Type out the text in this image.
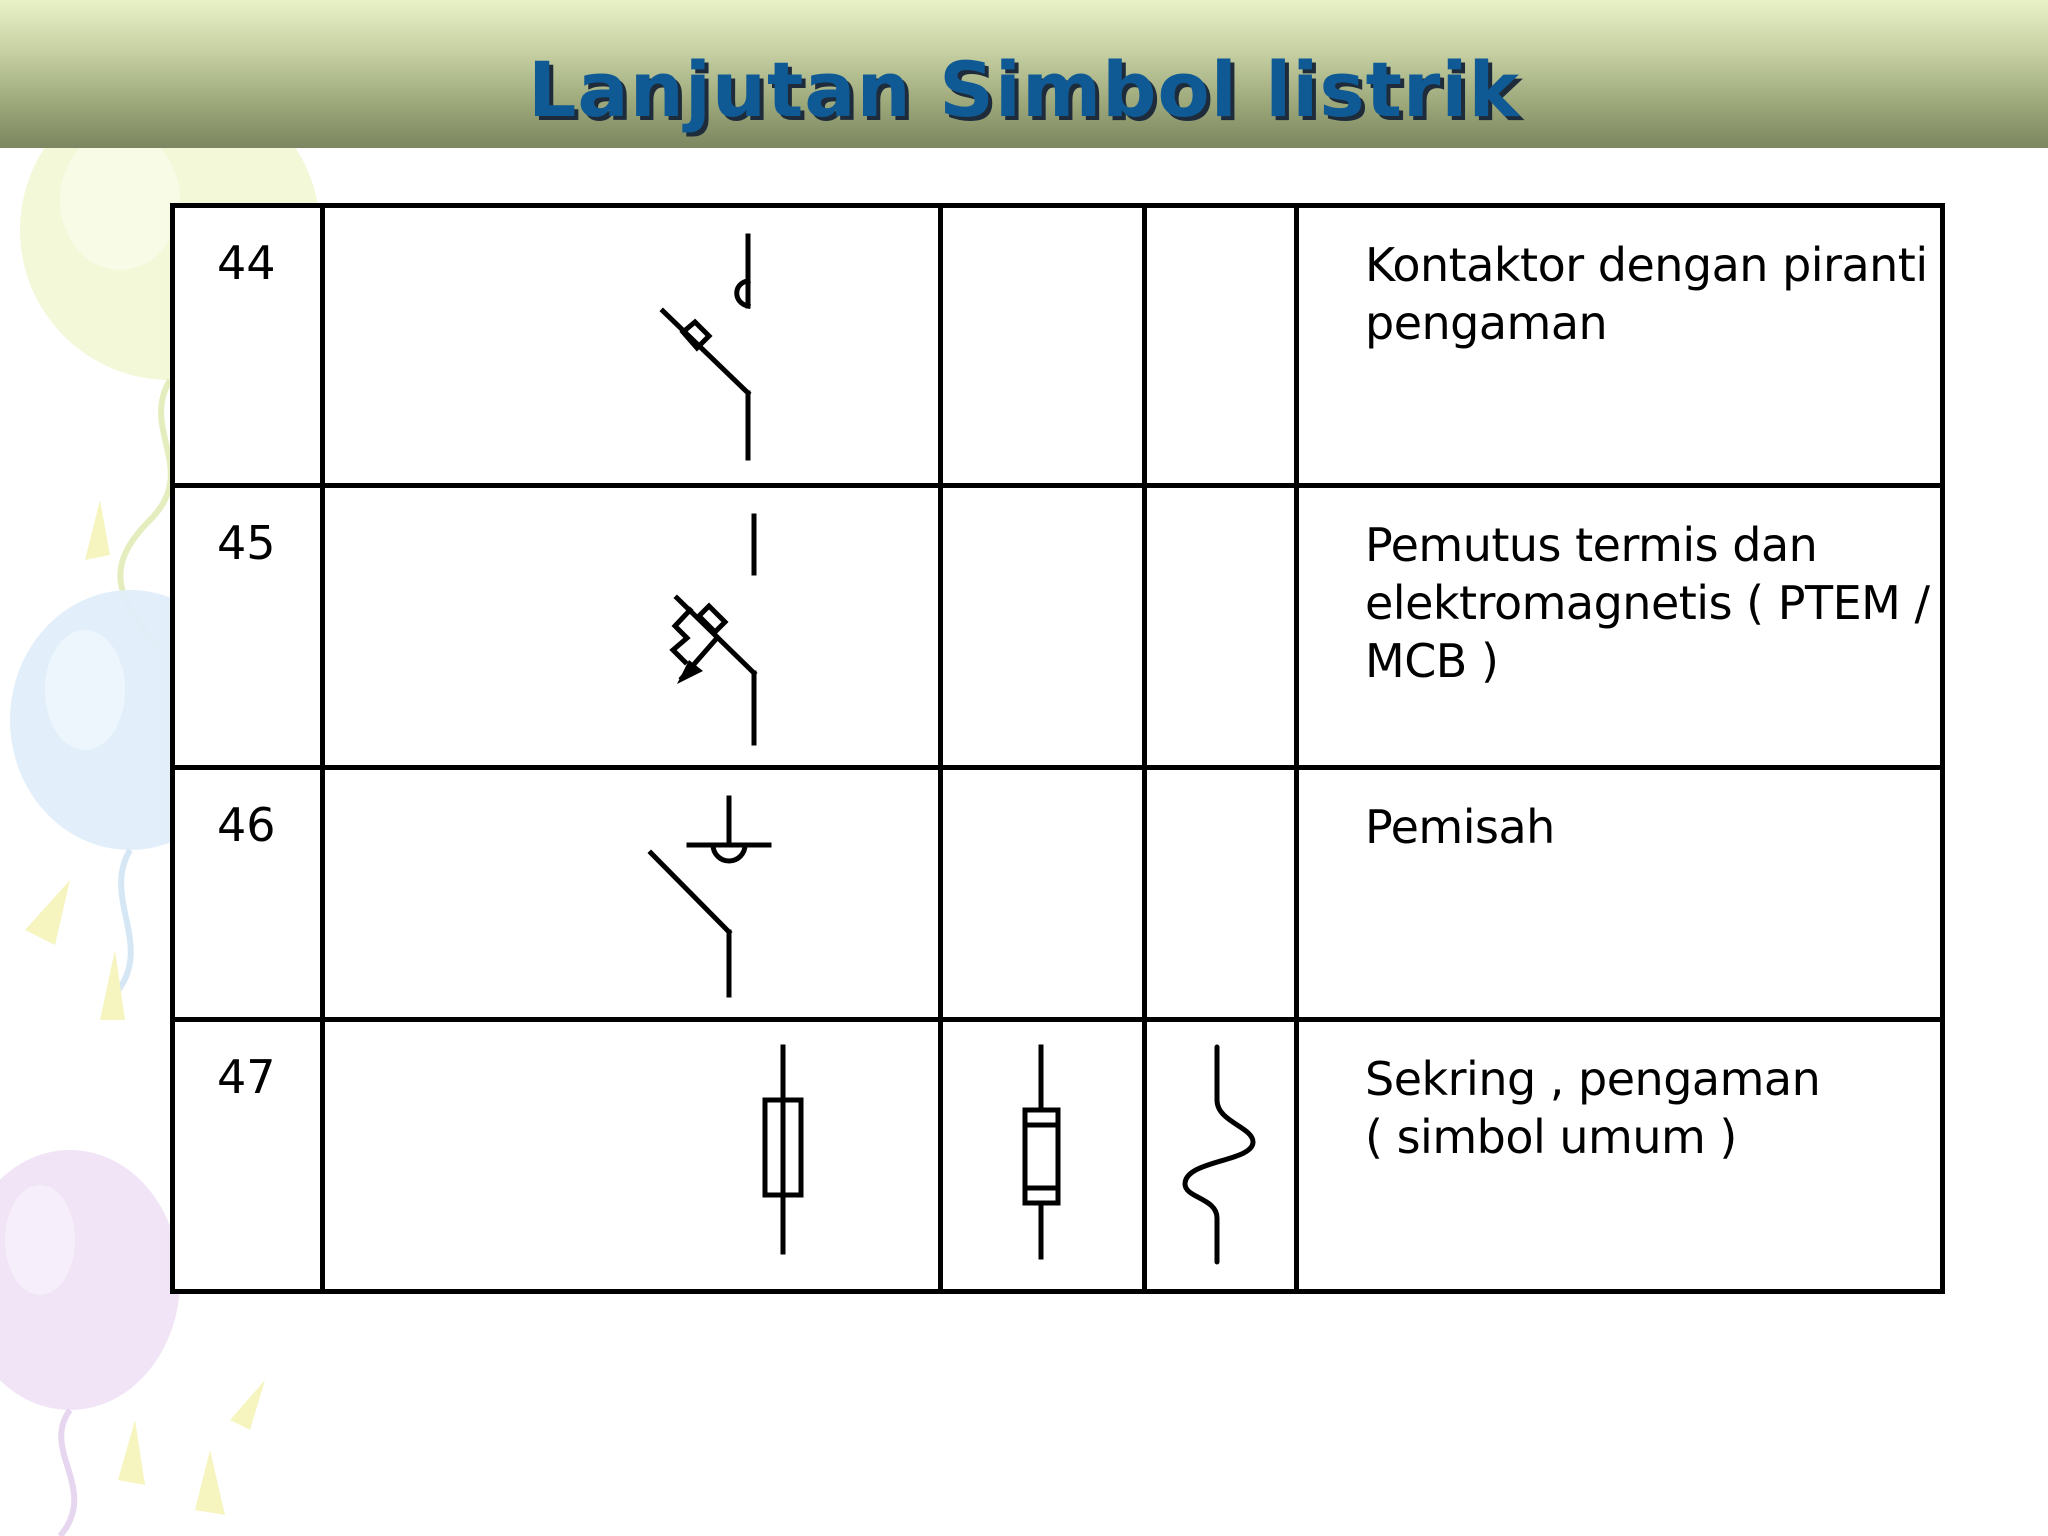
Lanjutan Simbol listrik
44				Kontaktor dengan piranti
pengaman

45				Pemutus termis dan
elektromagnetis ( PTEM /
MCB )

46				Pemisah

47				Sekring , pengaman
( simbol umum )
